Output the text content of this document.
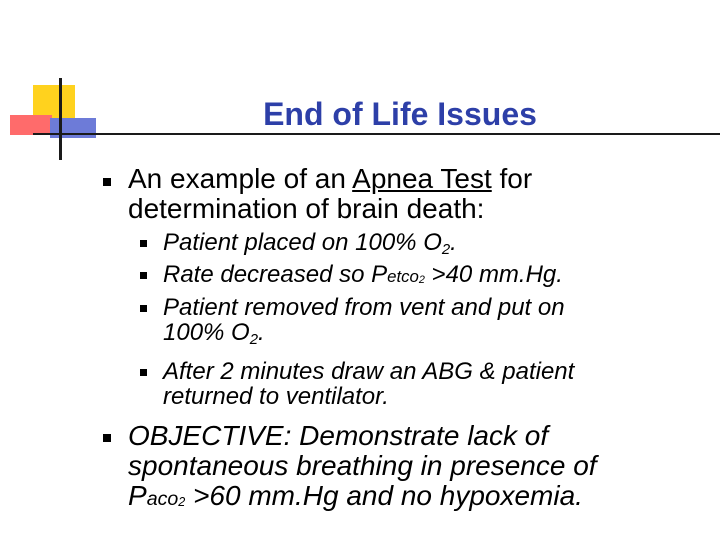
End of Life Issues
An example of an Apnea Test for
determination of brain death:
Patient placed on 100% $O_2$.
Rate decreased so Petco2 >40 mm.Hg.
Patient removed from vent and put on
100% $O_2$.
After 2 minutes draw an ABG & patient
returned to ventilator.
OBJECTIVE: Demonstrate lack of
spontaneous breathing in presence of
Paco2 >60 mm.Hg and no hypoxemia.
